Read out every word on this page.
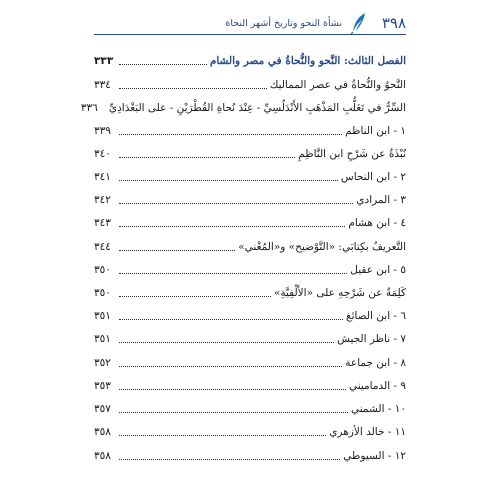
٣٩٨
نشأة النحو وتاريخ أشهر النحاة
الفصل الثالث: النَّحو والنُّحاةُ في مصر والشام
٣٣٣
النَّحوُ والنُّحاةُ في عصر المماليك
٣٣٤
السِّرُّ في تَغَلُّبِ المَذْهَبِ الأَنْدَلُسِيِّ - عِنْدَ نُحاةِ القُطْرَيْنِ - على البَغْدَادِيِّ
٣٣٦
١ - ابن الناظم
٣٣٩
نُبْذَةٌ عن شَرْحِ ابن النَّاظِمِ
٣٤٠
٢ - ابن النحاس
٣٤١
٣ - المرادي
٣٤٢
٤ - ابن هشام
٣٤٣
التَّعريفُ بكِتابَي: «التَّوْضيح» و«المُغْني»
٣٤٤
٥ - ابن عقيل
٣٥٠
كَلِمَةٌ عن شَرْحِهِ على «الأَلْفِيَّةِ»
٣٥٠
٦ - ابن الصائغ
٣٥١
٧ - ناظر الجيش
٣٥١
٨ - ابن جماعة
٣٥٢
٩ - الدماميني
٣٥٣
١٠ - الشمني
٣٥٧
١١ - خالد الأزهري
٣٥٨
١٢ - السيوطي
٣٥٨
